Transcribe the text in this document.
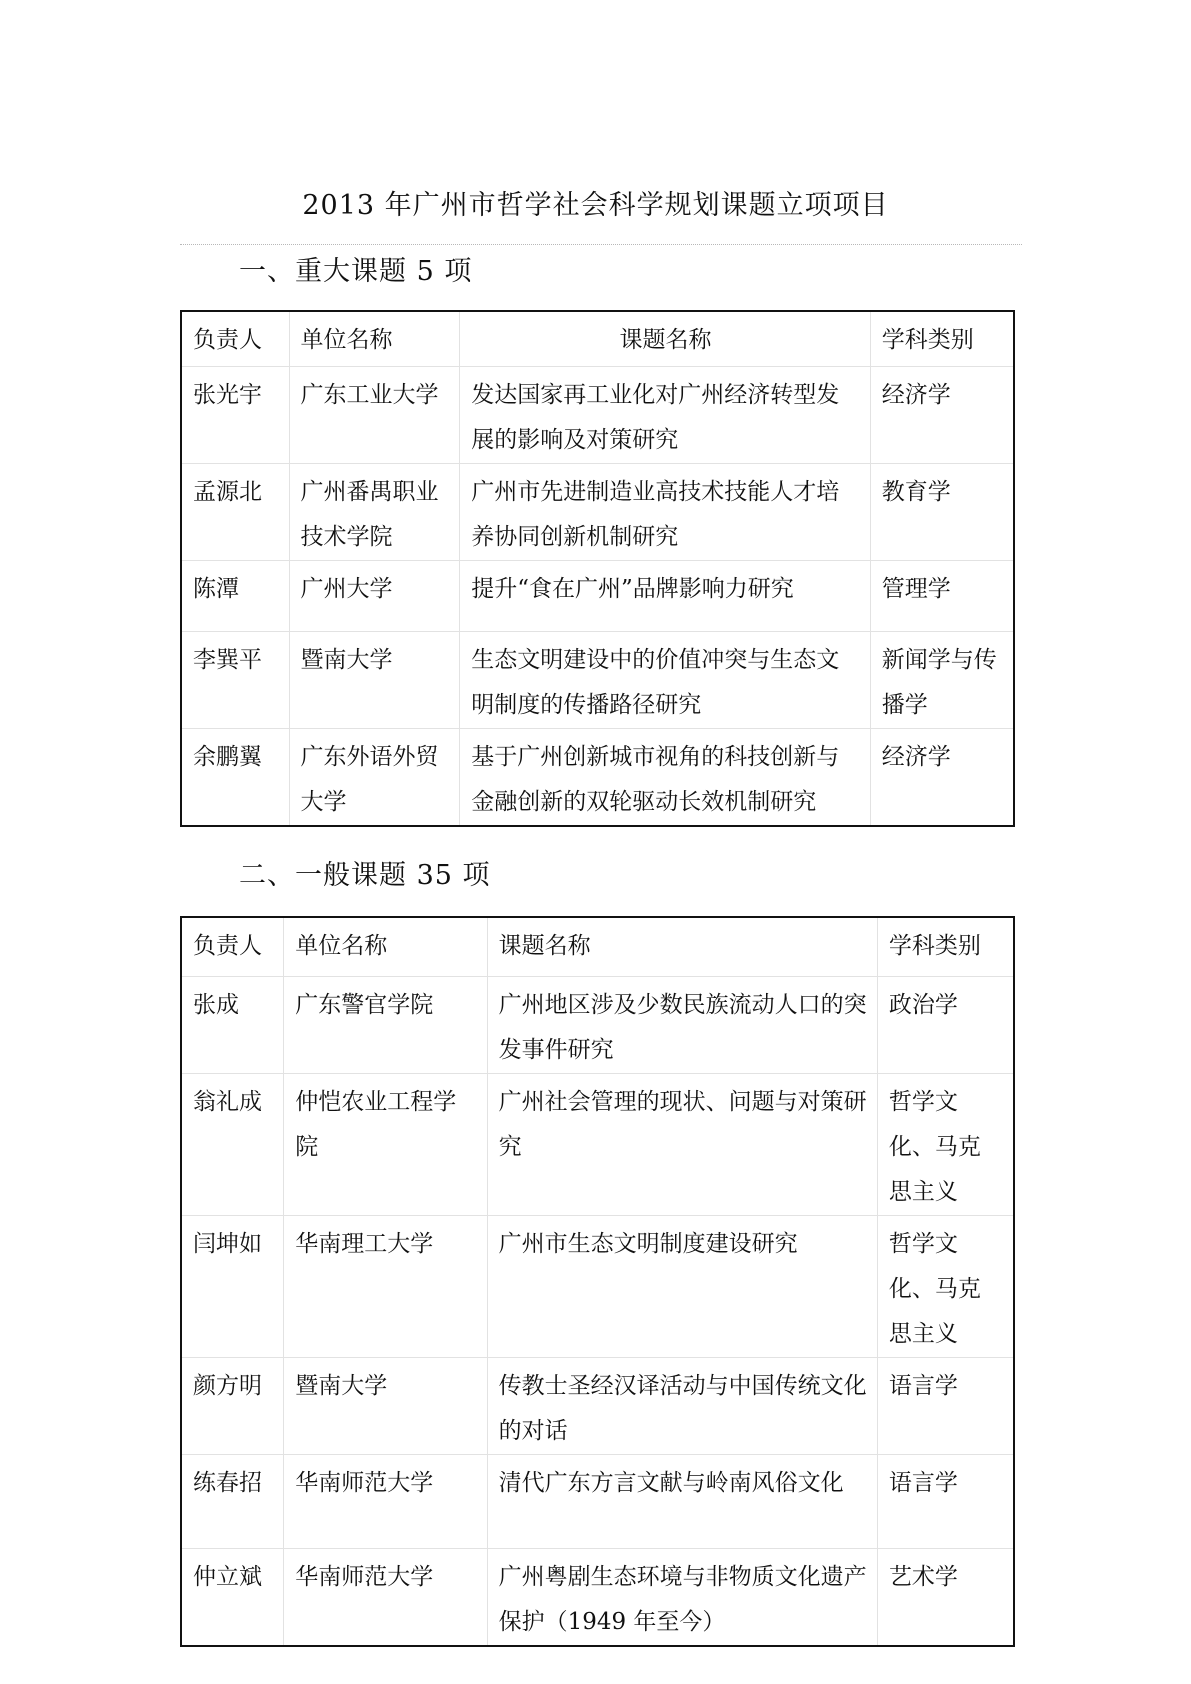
2013 年广州市哲学社会科学规划课题立项项目
一、重大课题 5 项
负责人	单位名称	课题名称	学科类别
张光宇	广东工业大学	发达国家再工业化对广州经济转型发展的影响及对策研究	经济学
孟源北	广州番禺职业技术学院	广州市先进制造业高技术技能人才培养协同创新机制研究	教育学
陈潭	广州大学	提升“食在广州”品牌影响力研究	管理学
李巽平	暨南大学	生态文明建设中的价值冲突与生态文明制度的传播路径研究	新闻学与传播学
余鹏翼	广东外语外贸大学	基于广州创新城市视角的科技创新与金融创新的双轮驱动长效机制研究	经济学
二、一般课题 35 项
负责人	单位名称	课题名称	学科类别
张成	广东警官学院	广州地区涉及少数民族流动人口的突发事件研究	政治学
翁礼成	仲恺农业工程学院	广州社会管理的现状、问题与对策研究	哲学文化、马克思主义
闫坤如	华南理工大学	广州市生态文明制度建设研究	哲学文化、马克思主义
颜方明	暨南大学	传教士圣经汉译活动与中国传统文化的对话	语言学
练春招	华南师范大学	清代广东方言文献与岭南风俗文化	语言学
仲立斌	华南师范大学	广州粤剧生态环境与非物质文化遗产保护（1949 年至今）	艺术学
